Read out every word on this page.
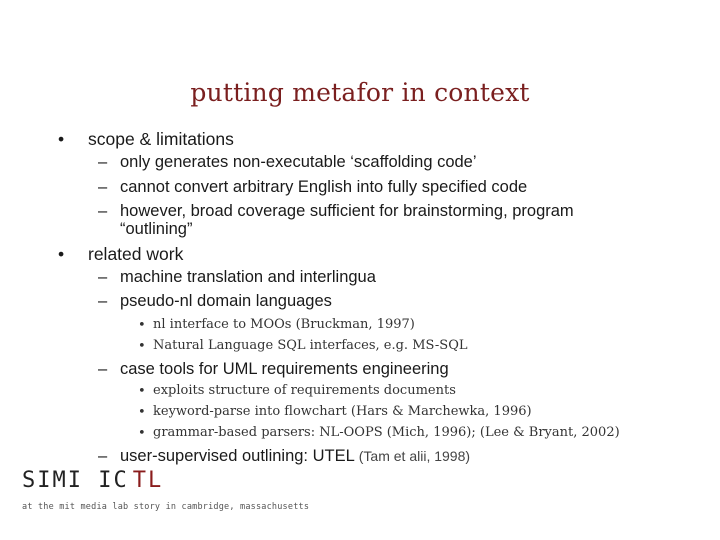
putting metafor in context
• scope & limitations
– only generates non-executable ‘scaffolding code’
– cannot convert arbitrary English into fully specified code
– however, broad coverage sufficient for brainstorming, program
“outlining”
• related work
– machine translation and interlingua
– pseudo-nl domain languages
• nl interface to MOOs (Bruckman, 1997)
• Natural Language SQL interfaces, e.g. MS-SQL
– case tools for UML requirements engineering
• exploits structure of requirements documents
• keyword-parse into flowchart (Hars & Marchewka, 1996)
• grammar-based parsers: NL-OOPS (Mich, 1996); (Lee & Bryant, 2002)
– user-supervised outlining: UTEL (Tam et alii, 1998)
SIMI IC TL
at the mit media lab story in cambridge, massachusetts
